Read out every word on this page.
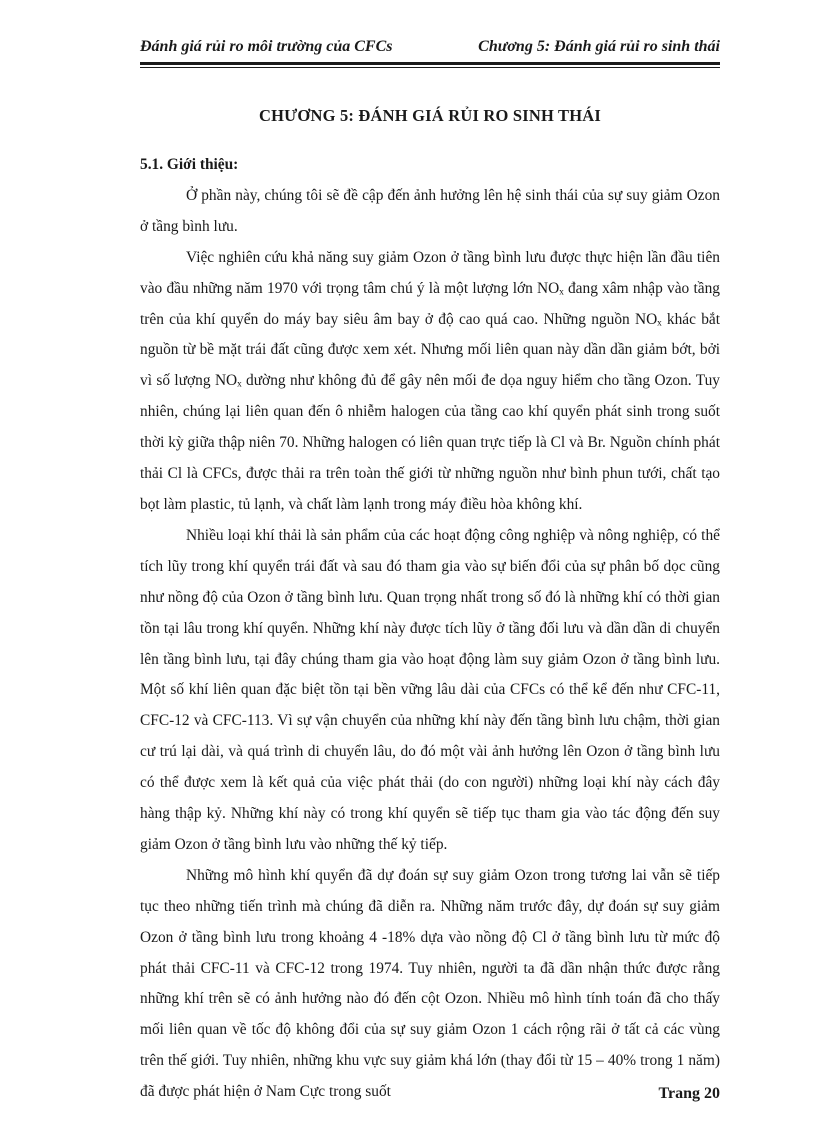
Đánh giá rủi ro môi trường của CFCs	Chương 5: Đánh giá rủi ro sinh thái
CHƯƠNG 5: ĐÁNH GIÁ RỦI RO SINH THÁI

5.1. Giới thiệu:

Ở phần này, chúng tôi sẽ đề cập đến ảnh hưởng lên hệ sinh thái của sự suy giảm Ozon ở tầng bình lưu.

Việc nghiên cứu khả năng suy giảm Ozon ở tầng bình lưu được thực hiện lần đầu tiên vào đầu những năm 1970 với trọng tâm chú ý là một lượng lớn NOₓ đang xâm nhập vào tầng trên của khí quyển do máy bay siêu âm bay ở độ cao quá cao. Những nguồn NOₓ khác bắt nguồn từ bề mặt trái đất cũng được xem xét. Nhưng mối liên quan này dần dần giảm bớt, bởi vì số lượng NOₓ dường như không đủ để gây nên mối đe dọa nguy hiểm cho tầng Ozon. Tuy nhiên, chúng lại liên quan đến ô nhiễm halogen của tầng cao khí quyển phát sinh trong suốt thời kỳ giữa thập niên 70. Những halogen có liên quan trực tiếp là Cl và Br. Nguồn chính phát thải Cl là CFCs, được thải ra trên toàn thế giới từ những nguồn như bình phun tưới, chất tạo bọt làm plastic, tủ lạnh, và chất làm lạnh trong máy điều hòa không khí.

Nhiều loại khí thải là sản phẩm của các hoạt động công nghiệp và nông nghiệp, có thể tích lũy trong khí quyển trái đất và sau đó tham gia vào sự biến đổi của sự phân bố dọc cũng như nồng độ của Ozon ở tầng bình lưu. Quan trọng nhất trong số đó là những khí có thời gian tồn tại lâu trong khí quyển. Những khí này được tích lũy ở tầng đối lưu và dần dần di chuyển lên tầng bình lưu, tại đây chúng tham gia vào hoạt động làm suy giảm Ozon ở tầng bình lưu. Một số khí liên quan đặc biệt tồn tại bền vững lâu dài của CFCs có thể kể đến như CFC-11, CFC-12 và CFC-113. Vì sự vận chuyển của những khí này đến tầng bình lưu chậm, thời gian cư trú lại dài, và quá trình di chuyển lâu, do đó một vài ảnh hưởng lên Ozon ở tầng bình lưu có thể được xem là kết quả của việc phát thải (do con người) những loại khí này cách đây hàng thập kỷ. Những khí này có trong khí quyển sẽ tiếp tục tham gia vào tác động đến suy giảm Ozon ở tầng bình lưu vào những thế kỷ tiếp.

Những mô hình khí quyển đã dự đoán sự suy giảm Ozon trong tương lai vẫn sẽ tiếp tục theo những tiến trình mà chúng đã diễn ra. Những năm trước đây, dự đoán sự suy giảm Ozon ở tầng bình lưu trong khoảng 4 -18% dựa vào nồng độ Cl ở tầng bình lưu từ mức độ phát thải CFC-11 và CFC-12 trong 1974. Tuy nhiên, người ta đã dần nhận thức được rằng những khí trên sẽ có ảnh hưởng nào đó đến cột Ozon. Nhiều mô hình tính toán đã cho thấy mối liên quan về tốc độ không đổi của sự suy giảm Ozon 1 cách rộng rãi ở tất cả các vùng trên thế giới. Tuy nhiên, những khu vực suy giảm khá lớn (thay đổi từ 15 – 40% trong 1 năm) đã được phát hiện ở Nam Cực trong suốt	Trang 20
